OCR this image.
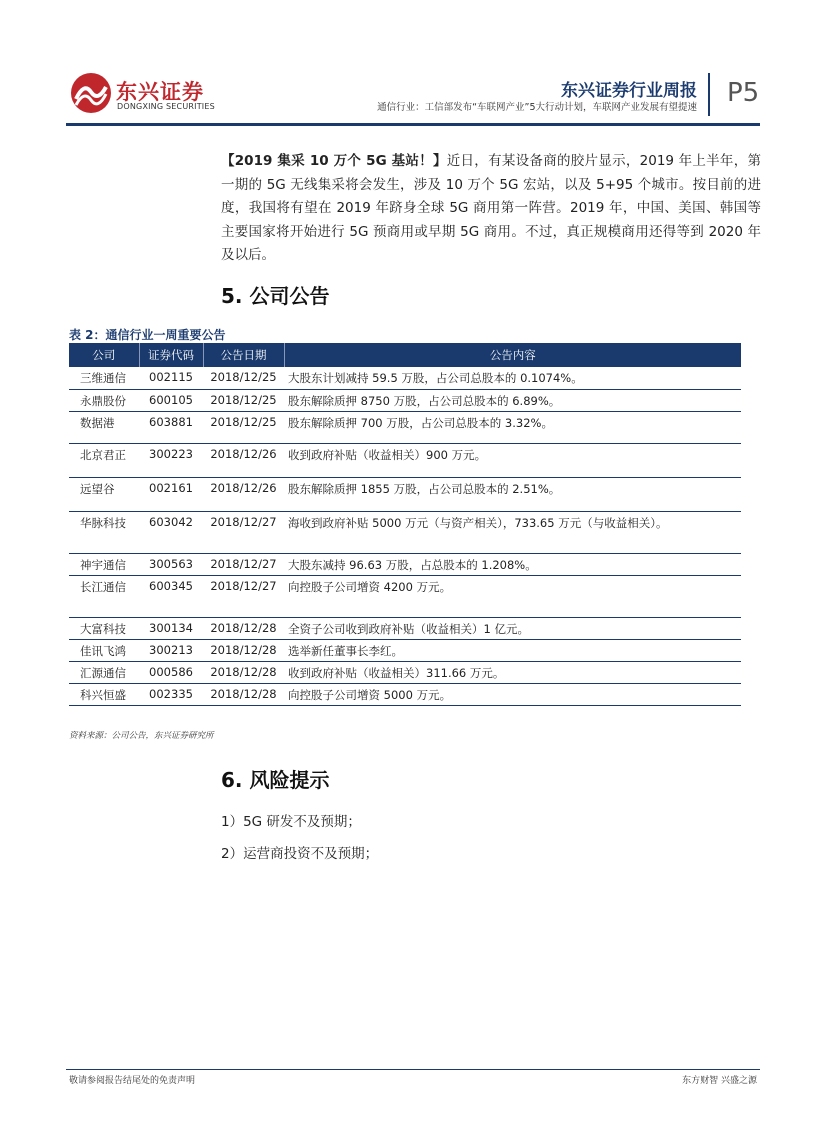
东兴证券
DONGXING SECURITIES
东兴证券行业周报
通信行业：工信部发布“车联网产业”5大行动计划，车联网产业发展有望提速 P5
【2019 集采 10 万个 5G 基站！】近日，有某设备商的胶片显示，2019 年上半年，第一期的 5G 无线集采将会发生，涉及 10 万个 5G 宏站，以及 5+95 个城市。按目前的进度，我国将有望在 2019 年跻身全球 5G 商用第一阵营。2019 年，中国、美国、韩国等主要国家将开始进行 5G 预商用或早期 5G 商用。不过，真正规模商用还得等到 2020 年及以后。
5. 公司公告
表 2：通信行业一周重要公告
公司	证券代码	公告日期	公告内容
三维通信	002115	2018/12/25	大股东计划减持 59.5 万股，占公司总股本的 0.1074%。
永鼎股份	600105	2018/12/25	股东解除质押 8750 万股，占公司总股本的 6.89%。
数据港	603881	2018/12/25	股东解除质押 700 万股，占公司总股本的 3.32%。
北京君正	300223	2018/12/26	收到政府补贴（收益相关）900 万元。
远望谷	002161	2018/12/26	股东解除质押 1855 万股，占公司总股本的 2.51%。
华脉科技	603042	2018/12/27	海收到政府补贴 5000 万元（与资产相关），733.65 万元（与收益相关）。
神宇通信	300563	2018/12/27	大股东减持 96.63 万股，占总股本的 1.208%。
长江通信	600345	2018/12/27	向控股子公司增资 4200 万元。
大富科技	300134	2018/12/28	全资子公司收到政府补贴（收益相关）1 亿元。
佳讯飞鸿	300213	2018/12/28	选举新任董事长李红。
汇源通信	000586	2018/12/28	收到政府补贴（收益相关）311.66 万元。
科兴恒盛	002335	2018/12/28	向控股子公司增资 5000 万元。
资料来源：公司公告，东兴证券研究所
6. 风险提示
1）5G 研发不及预期；
2）运营商投资不及预期；
敬请参阅报告结尾处的免责声明	东方财智 兴盛之源
